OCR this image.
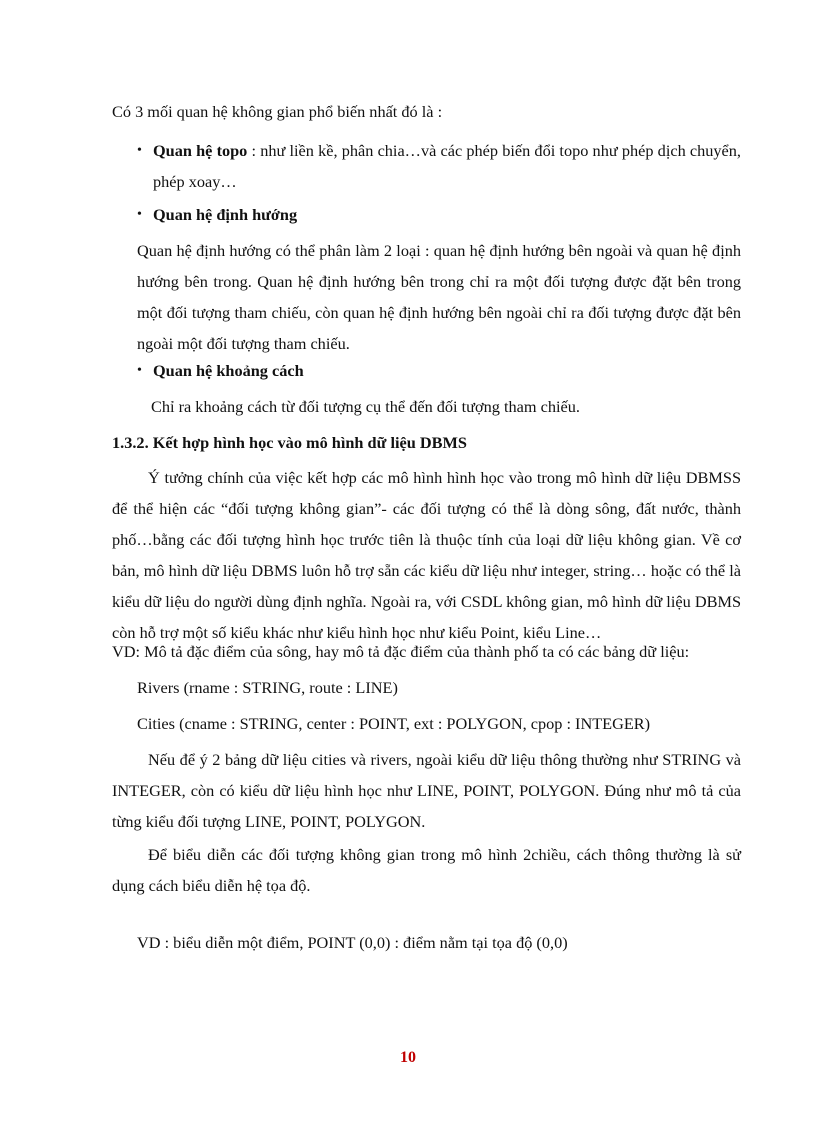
Có 3 mối quan hệ không gian phổ biến nhất đó là :

• Quan hệ topo : như liền kề, phân chia…và các phép biến đổi topo như phép dịch chuyển, phép xoay…

• Quan hệ định hướng

Quan hệ định hướng có thể phân làm 2 loại : quan hệ định hướng bên ngoài và quan hệ định hướng bên trong. Quan hệ định hướng bên trong chỉ ra một đối tượng được đặt bên trong một đối tượng tham chiếu, còn quan hệ định hướng bên ngoài chỉ ra đối tượng được đặt bên ngoài một đối tượng tham chiếu.

• Quan hệ khoảng cách

Chỉ ra khoảng cách từ đối tượng cụ thể đến đối tượng tham chiếu.

1.3.2. Kết hợp hình học vào mô hình dữ liệu DBMS

Ý tưởng chính của việc kết hợp các mô hình hình học vào trong mô hình dữ liệu DBMSS để thể hiện các “đối tượng không gian”- các đối tượng có thể là dòng sông, đất nước, thành phố…bằng các đối tượng hình học trước tiên là thuộc tính của loại dữ liệu không gian. Về cơ bản, mô hình dữ liệu DBMS luôn hỗ trợ sẵn các kiểu dữ liệu như integer, string… hoặc có thể là kiểu dữ liệu do người dùng định nghĩa. Ngoài ra, với CSDL không gian, mô hình dữ liệu DBMS còn hỗ trợ một số kiểu khác như kiểu hình học như kiểu Point, kiểu Line…

VD: Mô tả đặc điểm của sông, hay mô tả đặc điểm của thành phố ta có các bảng dữ liệu:

Rivers (rname : STRING, route : LINE)

Cities (cname : STRING, center : POINT, ext : POLYGON, cpop : INTEGER)

Nếu để ý 2 bảng dữ liệu cities và rivers, ngoài kiểu dữ liệu thông thường như STRING và INTEGER, còn có kiểu dữ liệu hình học như LINE, POINT, POLYGON. Đúng như mô tả của từng kiểu đối tượng LINE, POINT, POLYGON.

Để biểu diễn các đối tượng không gian trong mô hình 2chiều, cách thông thường là sử dụng cách biểu diễn hệ tọa độ.

VD : biểu diễn một điểm, POINT (0,0) : điểm nằm tại tọa độ (0,0)

10
